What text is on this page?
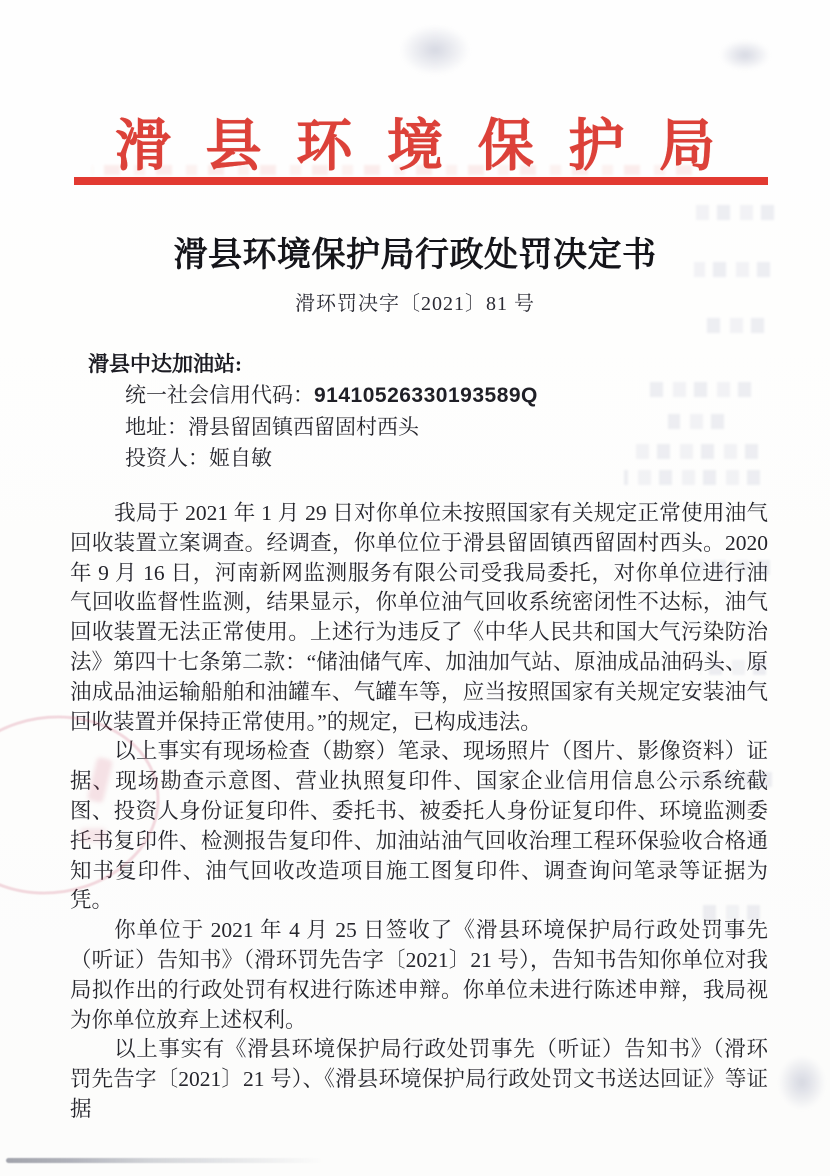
滑县环境保护局
滑县环境保护局行政处罚决定书
滑环罚决字〔2021〕81 号
滑县中达加油站:
统一社会信用代码：91410526330193589Q
地址：滑县留固镇西留固村西头
投资人：姬自敏

我局于 2021 年 1 月 29 日对你单位未按照国家有关规定正常使用油气回收装置立案调查。经调查，你单位位于滑县留固镇西留固村西头。2020 年 9 月 16 日，河南新网监测服务有限公司受我局委托，对你单位进行油气回收监督性监测，结果显示，你单位油气回收系统密闭性不达标，油气回收装置无法正常使用。上述行为违反了《中华人民共和国大气污染防治法》第四十七条第二款：“储油储气库、加油加气站、原油成品油码头、原油成品油运输船舶和油罐车、气罐车等，应当按照国家有关规定安装油气回收装置并保持正常使用。”的规定，已构成违法。

以上事实有现场检查（勘察）笔录、现场照片（图片、影像资料）证据、现场勘查示意图、营业执照复印件、国家企业信用信息公示系统截图、投资人身份证复印件、委托书、被委托人身份证复印件、环境监测委托书复印件、检测报告复印件、加油站油气回收治理工程环保验收合格通知书复印件、油气回收改造项目施工图复印件、调查询问笔录等证据为凭。

你单位于 2021 年 4 月 25 日签收了《滑县环境保护局行政处罚事先（听证）告知书》（滑环罚先告字〔2021〕21 号），告知书告知你单位对我局拟作出的行政处罚有权进行陈述申辩。你单位未进行陈述申辩，我局视为你单位放弃上述权利。

以上事实有《滑县环境保护局行政处罚事先（听证）告知书》（滑环罚先告字〔2021〕21 号）、《滑县环境保护局行政处罚文书送达回证》等证据
